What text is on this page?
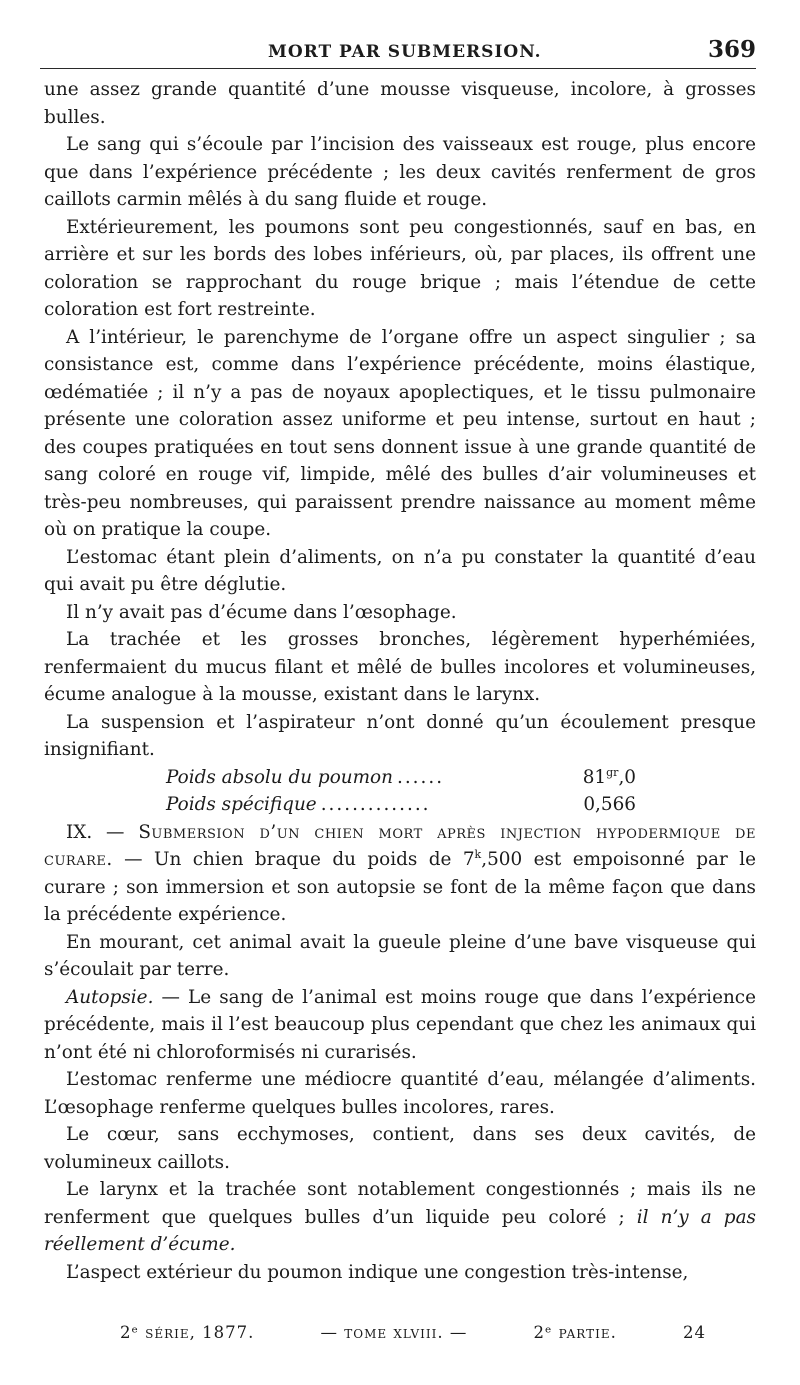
MORT PAR SUBMERSION.	369

une assez grande quantité d’une mousse visqueuse, incolore, à grosses bulles.

Le sang qui s’écoule par l’incision des vaisseaux est rouge, plus encore que dans l’expérience précédente ; les deux cavités renferment de gros caillots carmin mêlés à du sang fluide et rouge.

Extérieurement, les poumons sont peu congestionnés, sauf en bas, en arrière et sur les bords des lobes inférieurs, où, par places, ils offrent une coloration se rapprochant du rouge brique ; mais l’étendue de cette coloration est fort restreinte.

A l’intérieur, le parenchyme de l’organe offre un aspect singulier ; sa consistance est, comme dans l’expérience précédente, moins élastique, œdématiée ; il n’y a pas de noyaux apoplectiques, et le tissu pulmonaire présente une coloration assez uniforme et peu intense, surtout en haut ; des coupes pratiquées en tout sens donnent issue à une grande quantité de sang coloré en rouge vif, limpide, mêlé des bulles d’air volumineuses et très-peu nombreuses, qui paraissent prendre naissance au moment même où on pratique la coupe.

L’estomac étant plein d’aliments, on n’a pu constater la quantité d’eau qui avait pu être déglutie.

Il n’y avait pas d’écume dans l’œsophage.

La trachée et les grosses bronches, légèrement hyperhémiées, renfermaient du mucus filant et mêlé de bulles incolores et volumineuses, écume analogue à la mousse, existant dans le larynx.

La suspension et l’aspirateur n’ont donné qu’un écoulement presque insignifiant.

Poids absolu du poumon ......	$81^{gr},0$
Poids spécifique ..............	0,566

IX. — Submersion d’un chien mort après injection hypodermique de curare. — Un chien braque du poids de 7$^k$,500 est empoisonné par le curare ; son immersion et son autopsie se font de la même façon que dans la précédente expérience.

En mourant, cet animal avait la gueule pleine d’une bave visqueuse qui s’écoulait par terre.

Autopsie. — Le sang de l’animal est moins rouge que dans l’expérience précédente, mais il l’est beaucoup plus cependant que chez les animaux qui n’ont été ni chloroformisés ni curarisés.

L’estomac renferme une médiocre quantité d’eau, mélangée d’aliments. L’œsophage renferme quelques bulles incolores, rares.

Le cœur, sans ecchymoses, contient, dans ses deux cavités, de volumineux caillots.

Le larynx et la trachée sont notablement congestionnés ; mais ils ne renferment que quelques bulles d’un liquide peu coloré ; il n’y a pas réellement d’écume.

L’aspect extérieur du poumon indique une congestion très-intense,

2ᵉ série, 1877.	— tome xlviii. —	2ᵉ partie.	24
